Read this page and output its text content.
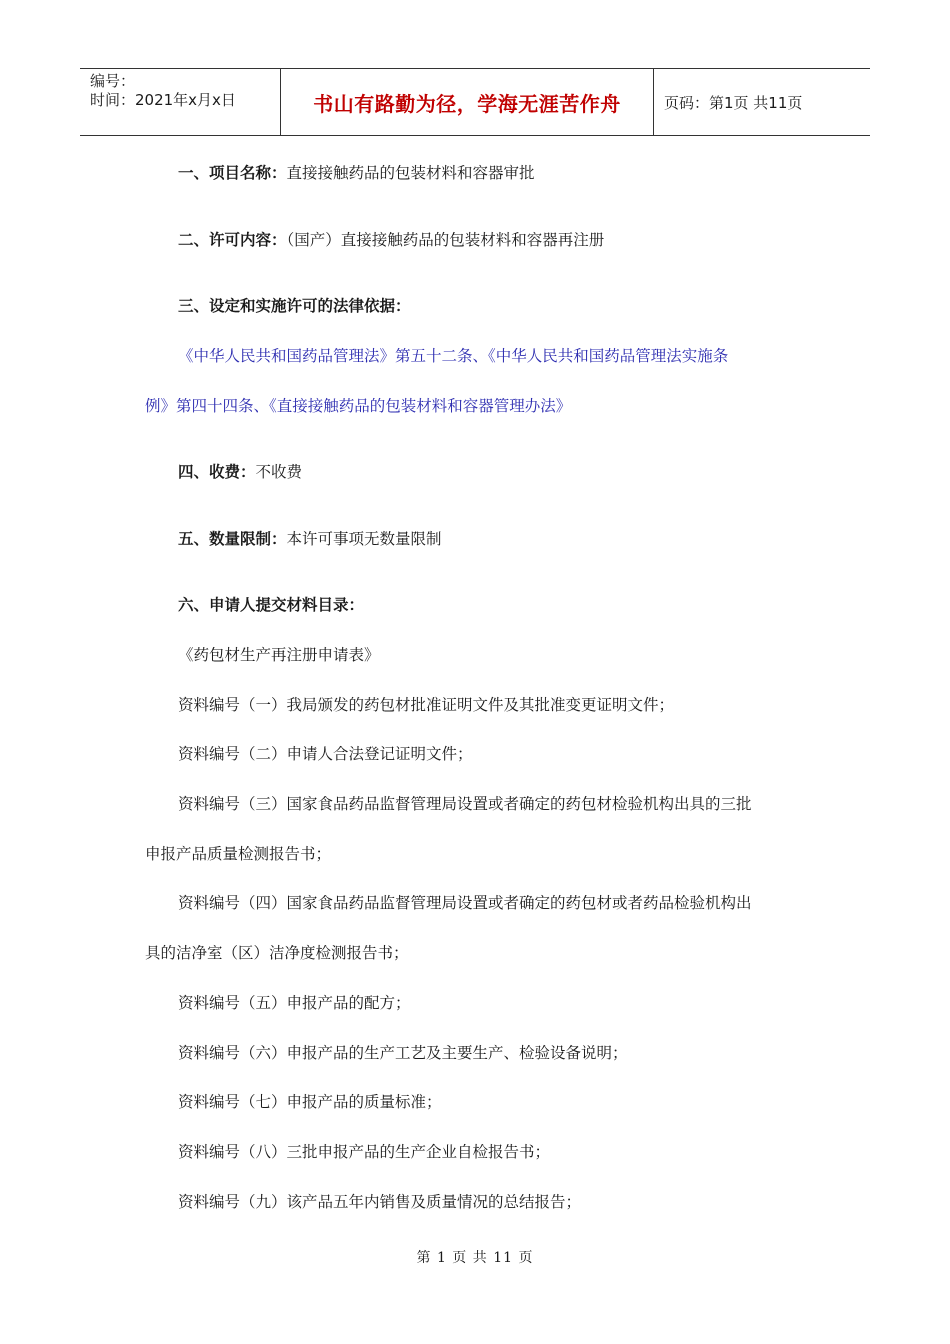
编号：
时间：2021年x月x日	书山有路勤为径，学海无涯苦作舟	页码：第1页 共11页
一、项目名称：直接接触药品的包装材料和容器审批
二、许可内容：（国产）直接接触药品的包装材料和容器再注册
三、设定和实施许可的法律依据：
《中华人民共和国药品管理法》第五十二条、《中华人民共和国药品管理法实施条
例》第四十四条、《直接接触药品的包装材料和容器管理办法》
四、收费：不收费
五、数量限制：本许可事项无数量限制
六、申请人提交材料目录：
《药包材生产再注册申请表》
资料编号（一）我局颁发的药包材批准证明文件及其批准变更证明文件；
资料编号（二）申请人合法登记证明文件；
资料编号（三）国家食品药品监督管理局设置或者确定的药包材检验机构出具的三批
申报产品质量检测报告书；
资料编号（四）国家食品药品监督管理局设置或者确定的药包材或者药品检验机构出
具的洁净室（区）洁净度检测报告书；
资料编号（五）申报产品的配方；
资料编号（六）申报产品的生产工艺及主要生产、检验设备说明；
资料编号（七）申报产品的质量标准；
资料编号（八）三批申报产品的生产企业自检报告书；
资料编号（九）该产品五年内销售及质量情况的总结报告；
第 1 页 共 11 页
